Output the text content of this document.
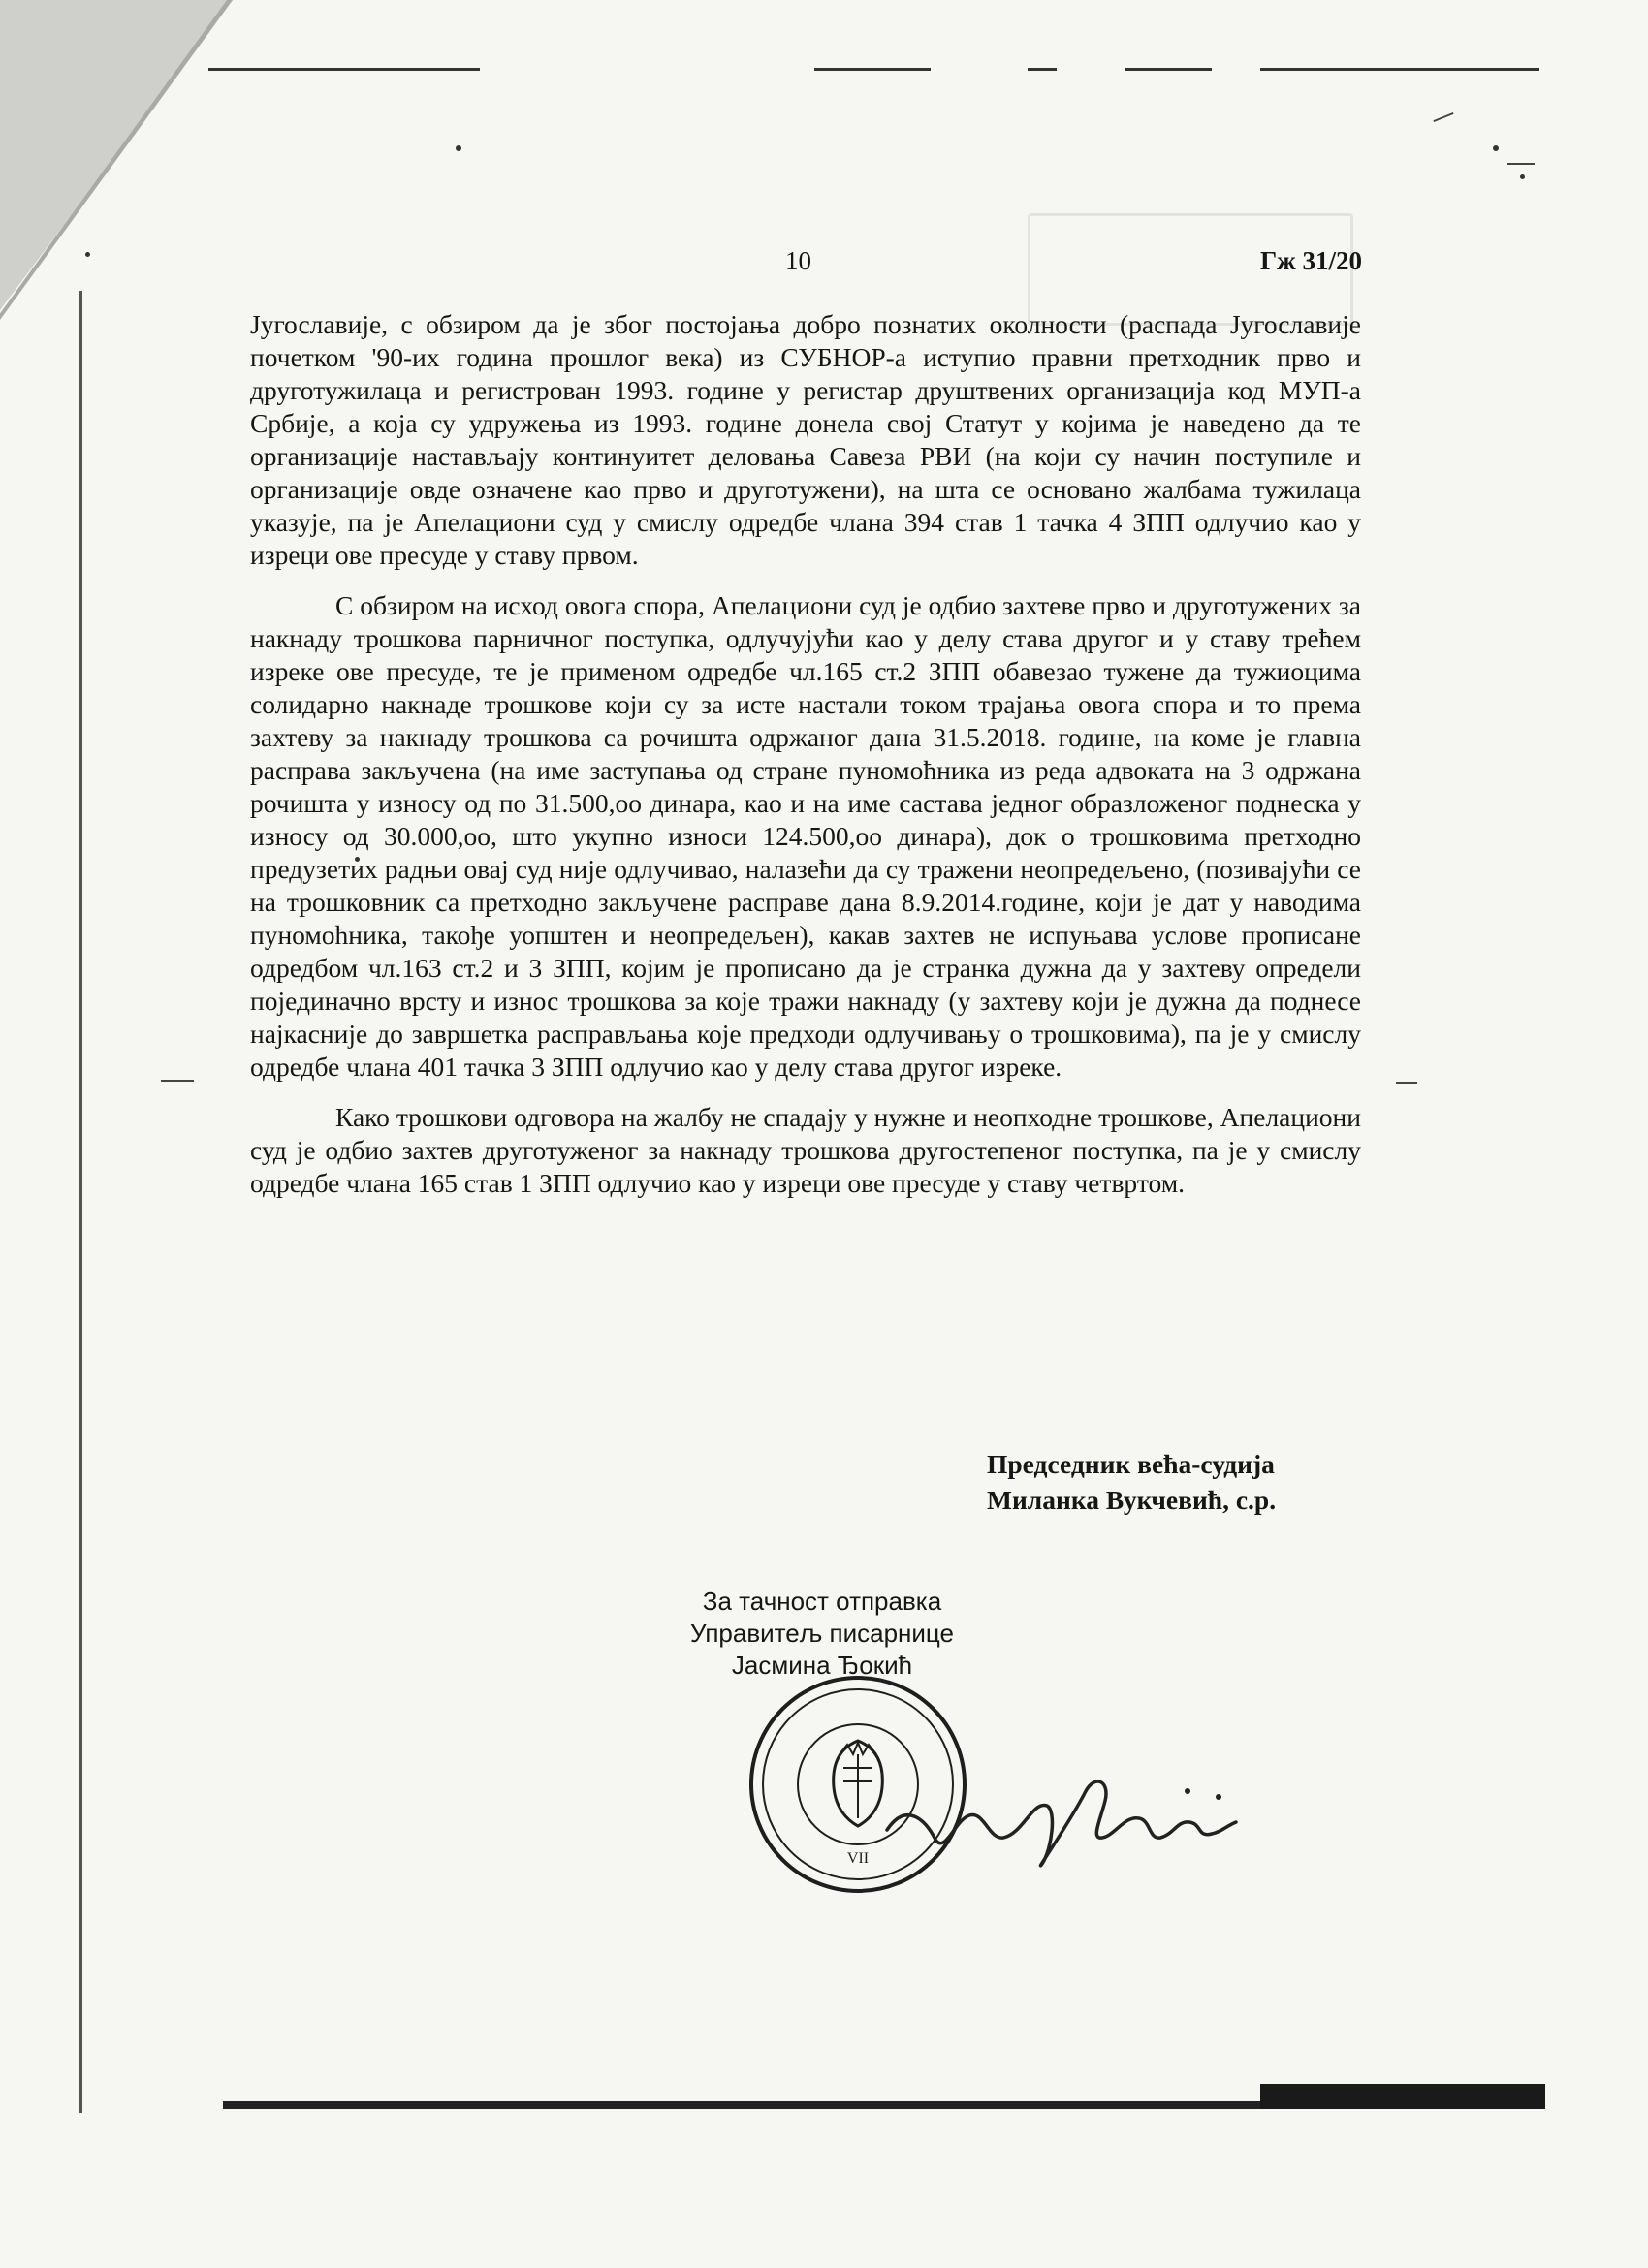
10	Гж 31/20

Југославије, с обзиром да је због постојања добро познатих околности (распада Југославије почетком '90-их година прошлог века) из СУБНОР-а иступио правни претходник прво и друготужилаца и регистрован 1993. године у регистар друштвених организација код МУП-а Србије, а која су удружења из 1993. године донела свој Статут у којима је наведено да те организације настављају континуитет деловања Савеза РВИ (на који су начин поступиле и организације овде означене као прво и друготужени), на шта се основано жалбама тужилаца указује, па је Апелациони суд у смислу одредбе члана 394 став 1 тачка 4 ЗПП одлучио као у изреци ове пресуде у ставу првом.

С обзиром на исход овога спора, Апелациони суд је одбио захтеве прво и друготужених за накнаду трошкова парничног поступка, одлучујући као у делу става другог и у ставу трећем изреке ове пресуде, те је применом одредбе чл.165 ст.2 ЗПП обавезао тужене да тужиоцима солидарно накнаде трошкове који су за исте настали током трајања овога спора и то према захтеву за накнаду трошкова са рочишта одржаног дана 31.5.2018. године, на коме је главна расправа закључена (на име заступања од стране пуномоћника из реда адвоката на 3 одржана рочишта у износу од по 31.500,оо динара, као и на име састава једног образложеног поднеска у износу од 30.000,оо, што укупно износи 124.500,оо динара), док о трошковима претходно предузетих радњи овај суд није одлучивао, налазећи да су тражени неопредељено, (позивајући се на трошковник са претходно закључене расправе дана 8.9.2014.године, који је дат у наводима пуномоћника, такође уопштен и неопредељен), какав захтев не испуњава услове прописане одредбом чл.163 ст.2 и 3 ЗПП, којим је прописано да је странка дужна да у захтеву определи појединачно врсту и износ трошкова за које тражи накнаду (у захтеву који је дужна да поднесе најкасније до завршетка расправљања које предходи одлучивању о трошковима), па је у смислу одредбе члана 401 тачка 3 ЗПП одлучио као у делу става другог изреке.

Како трошкови одговора на жалбу не спадају у нужне и неопходне трошкове, Апелациони суд је одбио захтев друготуженог за накнаду трошкова другостепеног поступка, па је у смислу одредбе члана 165 став 1 ЗПП одлучио као у изреци ове пресуде у ставу четвртом.

Председник већа-судија
Миланка Вукчевић, с.р.
За тачност отправка
Управитељ писарнице
Јасмина Ђокић
VII
